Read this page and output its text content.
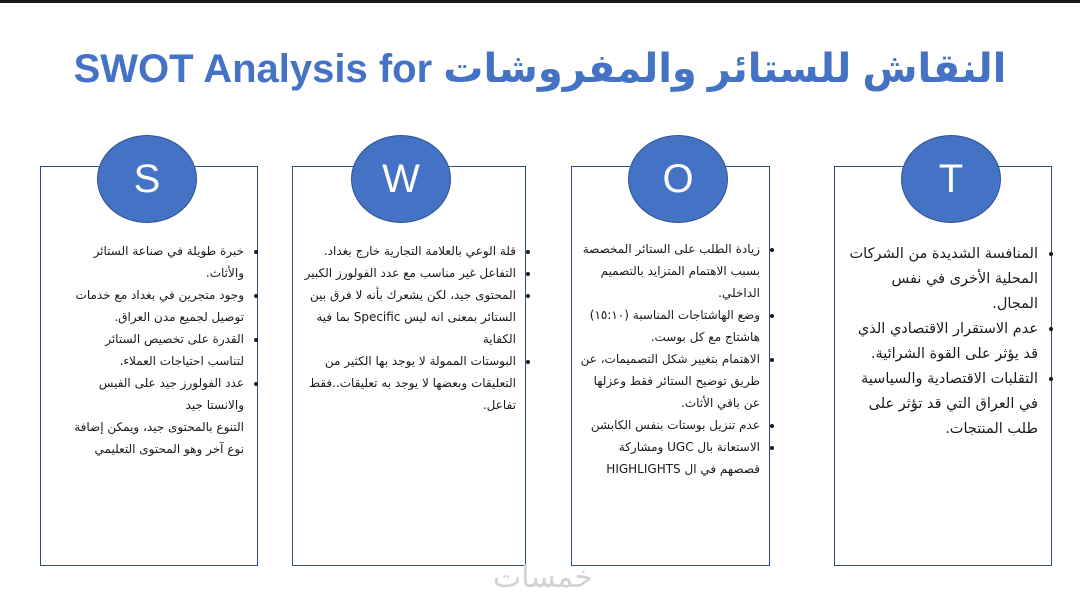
SWOT Analysis for النقاش للستائر والمفروشات
S	W	O	T
• خبرة طويلة في صناعة الستائر والأثاث.
• وجود متجرين في بغداد مع خدمات توصيل لجميع مدن العراق.
• القدرة على تخصيص الستائر لتناسب احتياجات العملاء.
• عدد الفولورز جيد على الفيس والانستا جيد
التنوع بالمحتوى جيد، ويمكن إضافة نوع آخر وهو المحتوى التعليمي
• قلة الوعي بالعلامة التجارية خارج بغداد.
• التفاعل غير مناسب مع عدد الفولورز الكبير
• المحتوى جيد، لكن يشعرك بأنه لا فرق بين الستائر بمعنى انه ليس Specific بما فيه الكفاية
• البوستات الممولة لا يوجد بها الكثير من التعليقات وبعضها لا يوجد به تعليقات..فقط تفاعل.
• زيادة الطلب على الستائر المخصصة بسبب الاهتمام المتزايد بالتصميم الداخلي.
• وضع الهاشتاجات المناسبة (١٥:١٠) هاشتاج مع كل بوست.
• الاهتمام بتغيير شكل التصميمات، عن طريق توضيح الستائر فقط وعزلها عن باقي الأثاث.
• عدم تنزيل بوستات بنفس الكابشن
• الاستعانة بال UGC ومشاركة قصصهم في ال HIGHLIGHTS
• المنافسة الشديدة من الشركات المحلية الأخرى في نفس المجال.
• عدم الاستقرار الاقتصادي الذي قد يؤثر على القوة الشرائية.
• التقلبات الاقتصادية والسياسية في العراق التي قد تؤثر على طلب المنتجات.
خمسات
